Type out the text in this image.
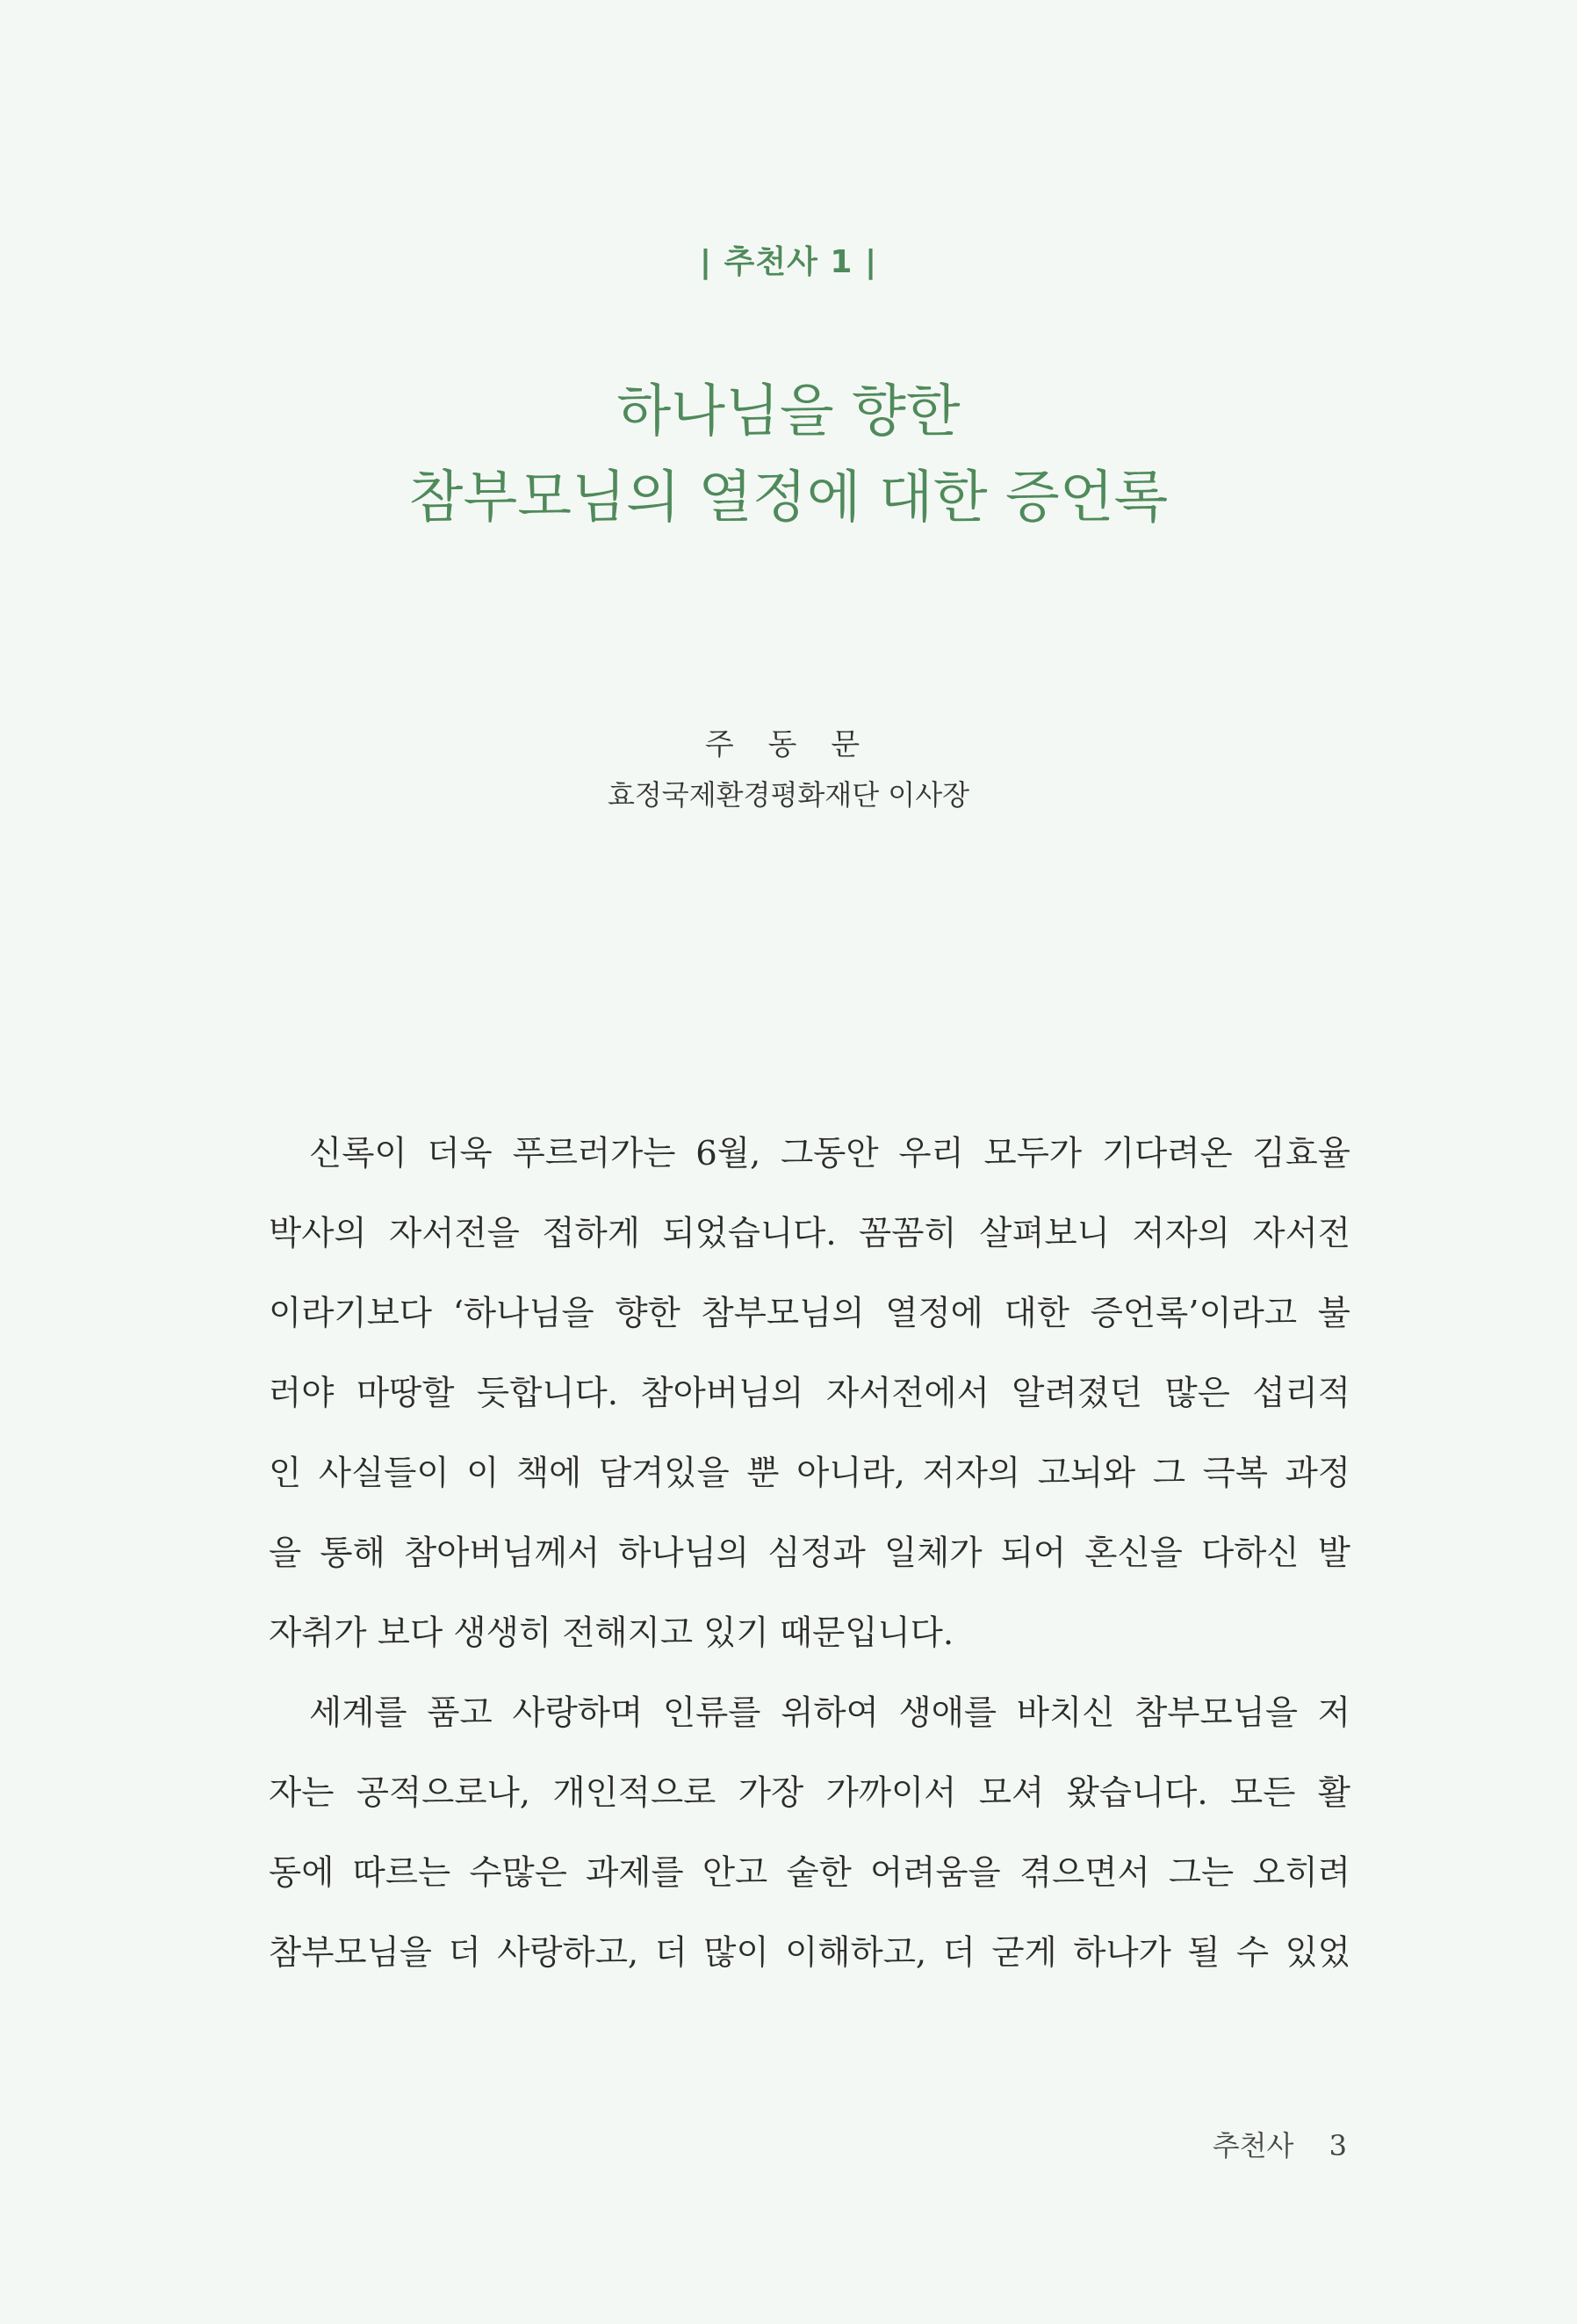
| 추천사 1 |
하나님을 향한
참부모님의 열정에 대한 증언록
주 동 문
효정국제환경평화재단 이사장
신록이 더욱 푸르러가는 6월, 그동안 우리 모두가 기다려온 김효율
박사의 자서전을 접하게 되었습니다. 꼼꼼히 살펴보니 저자의 자서전
이라기보다 ‘하나님을 향한 참부모님의 열정에 대한 증언록’이라고 불
러야 마땅할 듯합니다. 참아버님의 자서전에서 알려졌던 많은 섭리적
인 사실들이 이 책에 담겨있을 뿐 아니라, 저자의 고뇌와 그 극복 과정
을 통해 참아버님께서 하나님의 심정과 일체가 되어 혼신을 다하신 발
자취가 보다 생생히 전해지고 있기 때문입니다.
세계를 품고 사랑하며 인류를 위하여 생애를 바치신 참부모님을 저
자는 공적으로나, 개인적으로 가장 가까이서 모셔 왔습니다. 모든 활
동에 따르는 수많은 과제를 안고 숱한 어려움을 겪으면서 그는 오히려
참부모님을 더 사랑하고, 더 많이 이해하고, 더 굳게 하나가 될 수 있었
추천사 3
